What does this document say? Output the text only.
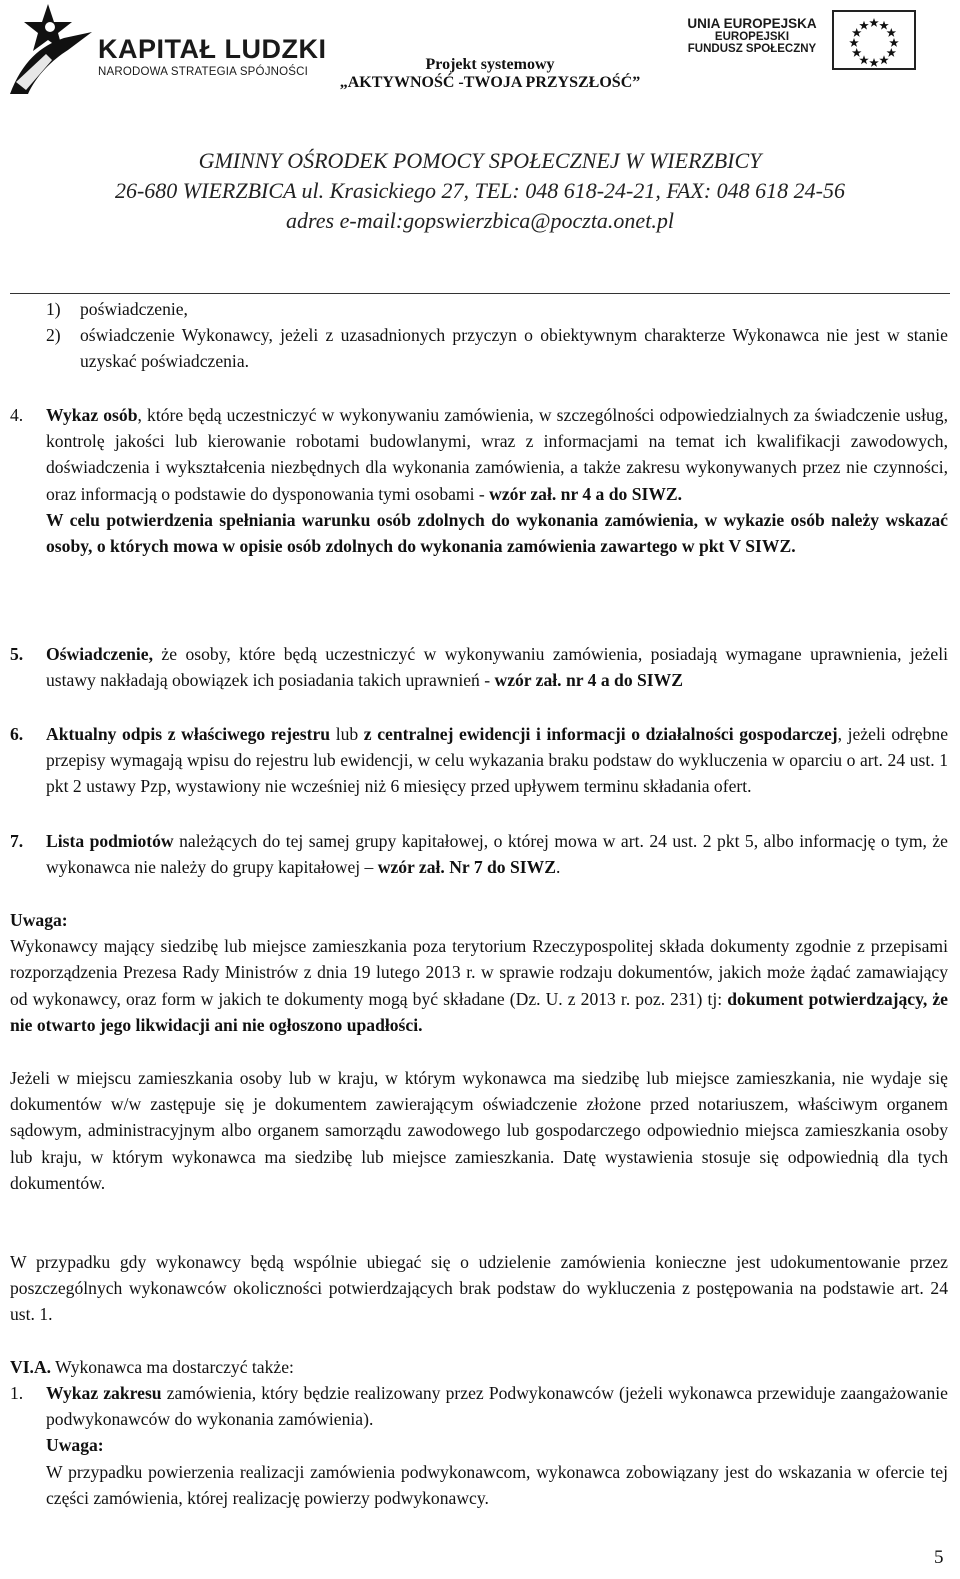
KAPITAŁ LUDZKI
NARODOWA STRATEGIA SPÓJNOŚCI	Projekt systemowy
„AKTYWNOŚĆ -TWOJA PRZYSZŁOŚĆ”
UNIA EUROPEJSKA
EUROPEJSKI
FUNDUSZ SPOŁECZNY
GMINNY OŚRODEK POMOCY SPOŁECZNEJ W WIERZBICY
26-680 WIERZBICA ul. Krasickiego 27, TEL: 048 618-24-21, FAX: 048 618 24-56
adres e-mail:gopswierzbica@poczta.onet.pl
1) poświadczenie,
2) oświadczenie Wykonawcy, jeżeli z uzasadnionych przyczyn o obiektywnym charakterze Wykonawca nie jest w stanie uzyskać poświadczenia.
4. Wykaz osób, które będą uczestniczyć w wykonywaniu zamówienia, w szczególności odpowiedzialnych za świadczenie usług, kontrolę jakości lub kierowanie robotami budowlanymi, wraz z informacjami na temat ich kwalifikacji zawodowych, doświadczenia i wykształcenia niezbędnych dla wykonania zamówienia, a także zakresu wykonywanych przez nie czynności, oraz informacją o podstawie do dysponowania tymi osobami - wzór zał. nr 4 a do SIWZ.
W celu potwierdzenia spełniania warunku osób zdolnych do wykonania zamówienia, w wykazie osób należy wskazać osoby, o których mowa w opisie osób zdolnych do wykonania zamówienia zawartego w pkt V SIWZ.
5. Oświadczenie, że osoby, które będą uczestniczyć w wykonywaniu zamówienia, posiadają wymagane uprawnienia, jeżeli ustawy nakładają obowiązek ich posiadania takich uprawnień - wzór zał. nr 4 a do SIWZ
6. Aktualny odpis z właściwego rejestru lub z centralnej ewidencji i informacji o działalności gospodarczej, jeżeli odrębne przepisy wymagają wpisu do rejestru lub ewidencji, w celu wykazania braku podstaw do wykluczenia w oparciu o art. 24 ust. 1 pkt 2 ustawy Pzp, wystawiony nie wcześniej niż 6 miesięcy przed upływem terminu składania ofert.
7. Lista podmiotów należących do tej samej grupy kapitałowej, o której mowa w art. 24 ust. 2 pkt 5, albo informację o tym, że wykonawca nie należy do grupy kapitałowej – wzór zał. Nr 7 do SIWZ.
Uwaga:
Wykonawcy mający siedzibę lub miejsce zamieszkania poza terytorium Rzeczypospolitej składa dokumenty zgodnie z przepisami rozporządzenia Prezesa Rady Ministrów z dnia 19 lutego 2013 r. w sprawie rodzaju dokumentów, jakich może żądać zamawiający od wykonawcy, oraz form w jakich te dokumenty mogą być składane (Dz. U. z 2013 r. poz. 231) tj: dokument potwierdzający, że nie otwarto jego likwidacji ani nie ogłoszono upadłości.
Jeżeli w miejscu zamieszkania osoby lub w kraju, w którym wykonawca ma siedzibę lub miejsce zamieszkania, nie wydaje się dokumentów w/w zastępuje się je dokumentem zawierającym oświadczenie złożone przed notariuszem, właściwym organem sądowym, administracyjnym albo organem samorządu zawodowego lub gospodarczego odpowiednio miejsca zamieszkania osoby lub kraju, w którym wykonawca ma siedzibę lub miejsce zamieszkania. Datę wystawienia stosuje się odpowiednią dla tych dokumentów.
W przypadku gdy wykonawcy będą wspólnie ubiegać się o udzielenie zamówienia konieczne jest udokumentowanie przez poszczególnych wykonawców okoliczności potwierdzających brak podstaw do wykluczenia z postępowania na podstawie art. 24 ust. 1.
VI.A. Wykonawca ma dostarczyć także:
1. Wykaz zakresu zamówienia, który będzie realizowany przez Podwykonawców (jeżeli wykonawca przewiduje zaangażowanie podwykonawców do wykonania zamówienia).
Uwaga:
W przypadku powierzenia realizacji zamówienia podwykonawcom, wykonawca zobowiązany jest do wskazania w ofercie tej części zamówienia, której realizację powierzy podwykonawcy.
5
